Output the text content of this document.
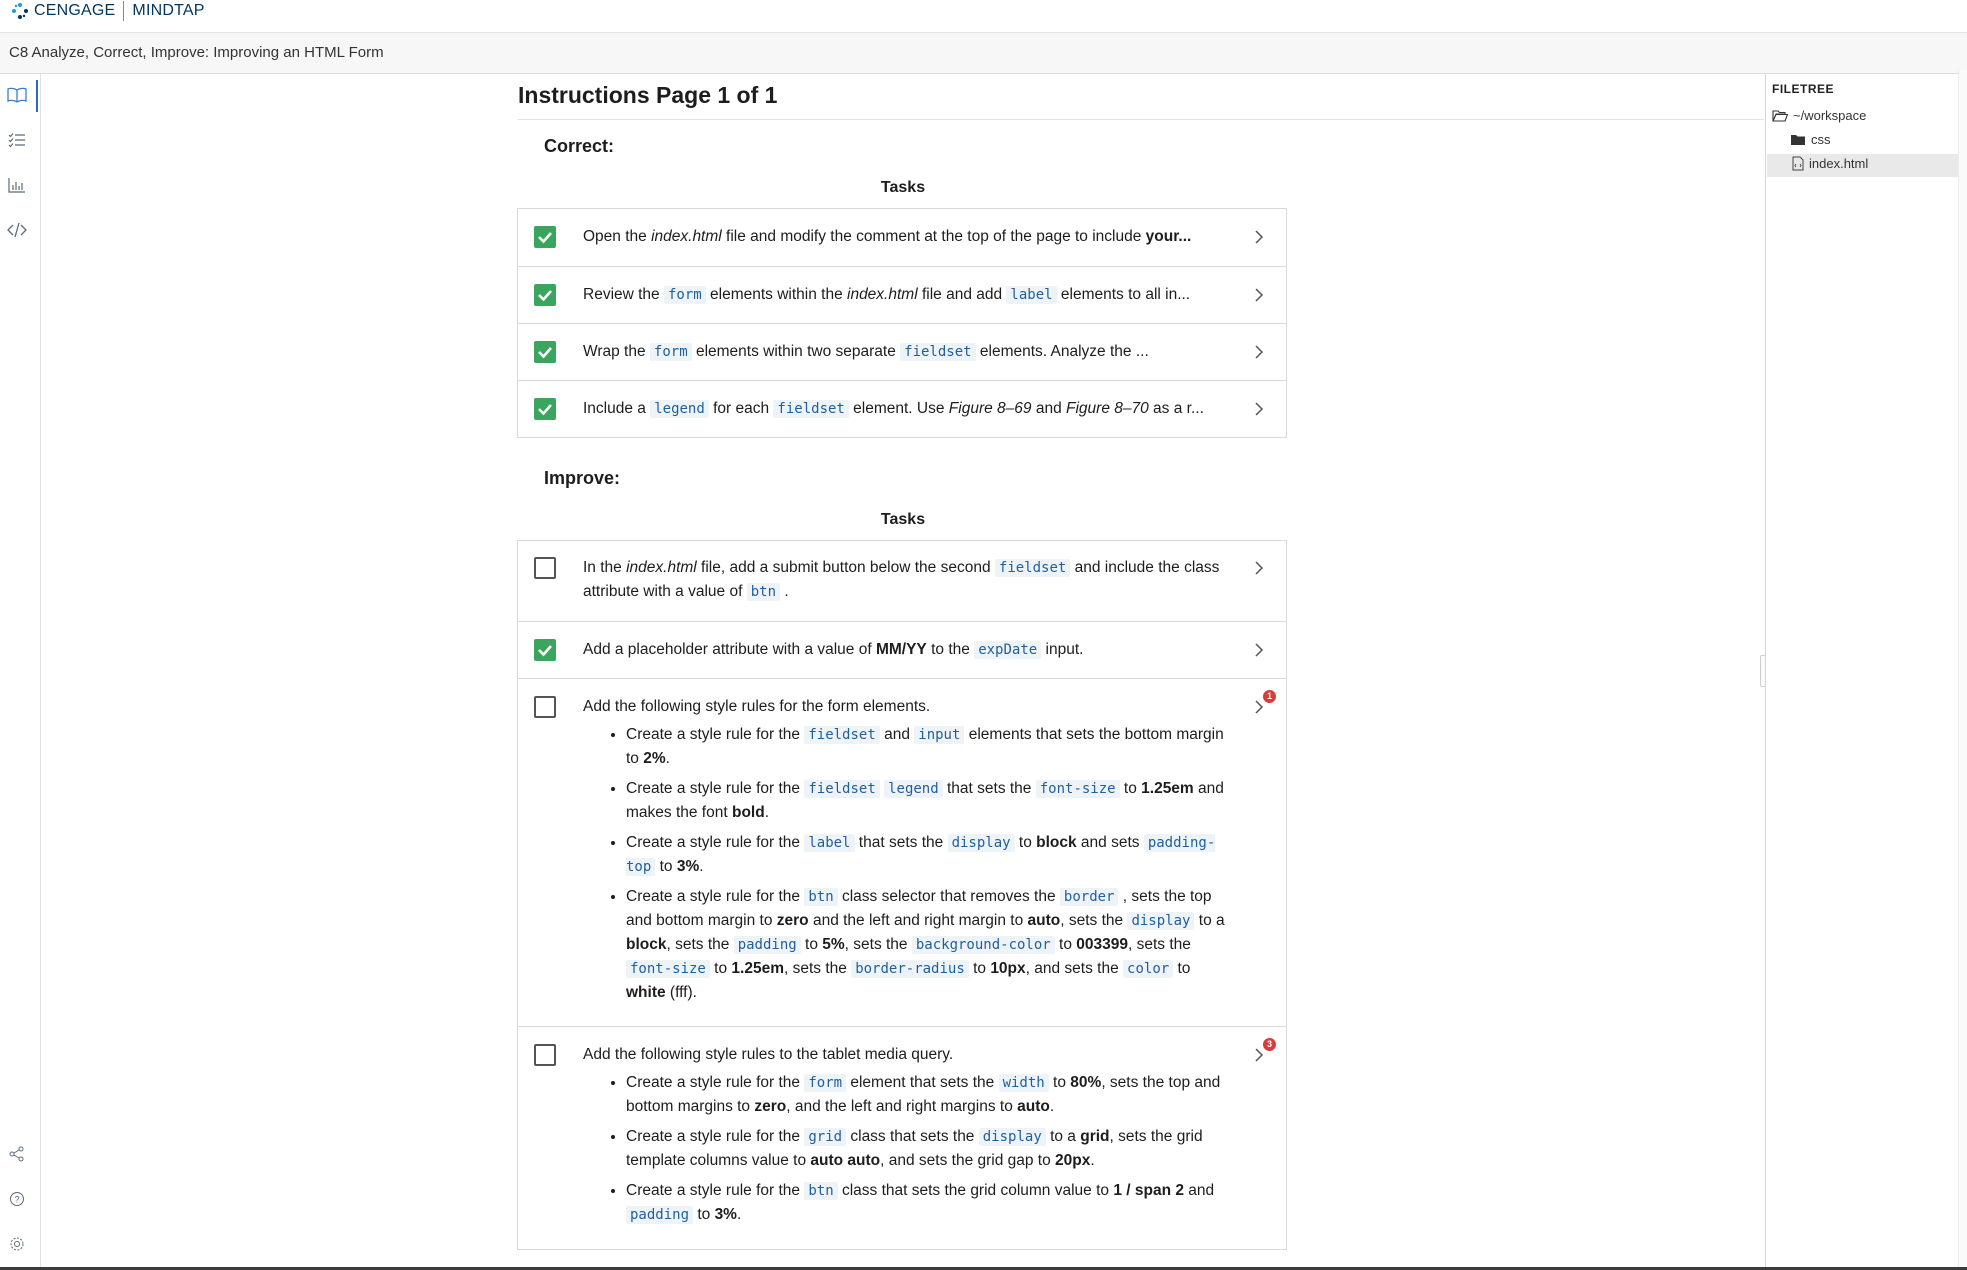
CENGAGE MINDTAP
C8 Analyze, Correct, Improve: Improving an HTML Form
?
Instructions Page 1 of 1
Correct:
Tasks
Open the index.html file and modify the comment at the top of the page to include your...
Review the form elements within the index.html file and add label elements to all in...
Wrap the form elements within two separate fieldset elements. Analyze the ...
Include a legend for each fieldset element. Use Figure 8–69 and Figure 8–70 as a r...
Improve:
Tasks
In the index.html file, add a submit button below the second fieldset and include the class attribute with a value of btn .
Add a placeholder attribute with a value of MM/YY to the expDate input.
Add the following style rules for the form elements.
• Create a style rule for the fieldset and input elements that sets the bottom margin to 2%.
• Create a style rule for the fieldset legend that sets the font-size to 1.25em and makes the font bold.
• Create a style rule for the label that sets the display to block and sets padding-top to 3%.
• Create a style rule for the btn class selector that removes the border , sets the top and bottom margin to zero and the left and right margin to auto, sets the display to a block, sets the padding to 5%, sets the background-color to 003399, sets the font-size to 1.25em, sets the border-radius to 10px, and sets the color to white (fff).
1
Add the following style rules to the tablet media query.
• Create a style rule for the form element that sets the width to 80%, sets the top and bottom margins to zero, and the left and right margins to auto.
• Create a style rule for the grid class that sets the display to a grid, sets the grid template columns value to auto auto, and sets the grid gap to 20px.
• Create a style rule for the btn class that sets the grid column value to 1 / span 2 and padding to 3%.
3
FILETREE
~/workspace
css
index.html
